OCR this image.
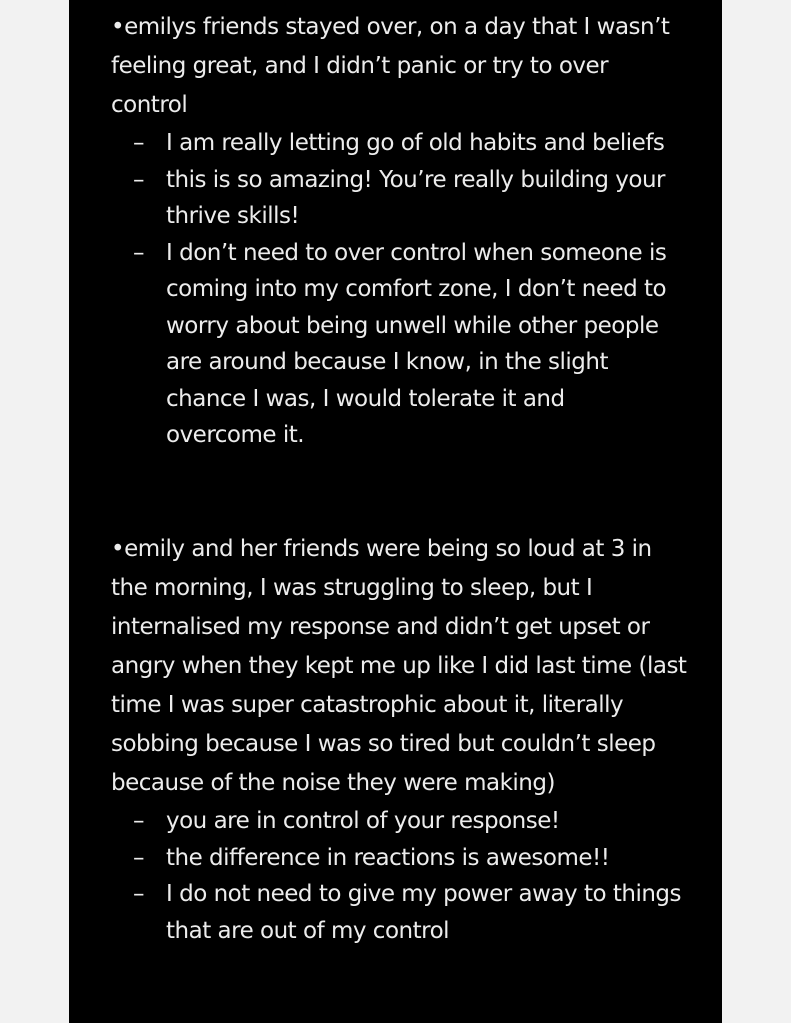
•emilys friends stayed over, on a day that I wasn’t feeling great, and I didn’t panic or try to over control
– I am really letting go of old habits and beliefs
– this is so amazing! You’re really building your thrive skills!
– I don’t need to over control when someone is coming into my comfort zone, I don’t need to worry about being unwell while other people are around because I know, in the slight chance I was, I would tolerate it and overcome it.
•emily and her friends were being so loud at 3 in the morning, I was struggling to sleep, but I internalised my response and didn’t get upset or angry when they kept me up like I did last time (last time I was super catastrophic about it, literally sobbing because I was so tired but couldn’t sleep because of the noise they were making)
– you are in control of your response!
– the difference in reactions is awesome!!
– I do not need to give my power away to things that are out of my control
